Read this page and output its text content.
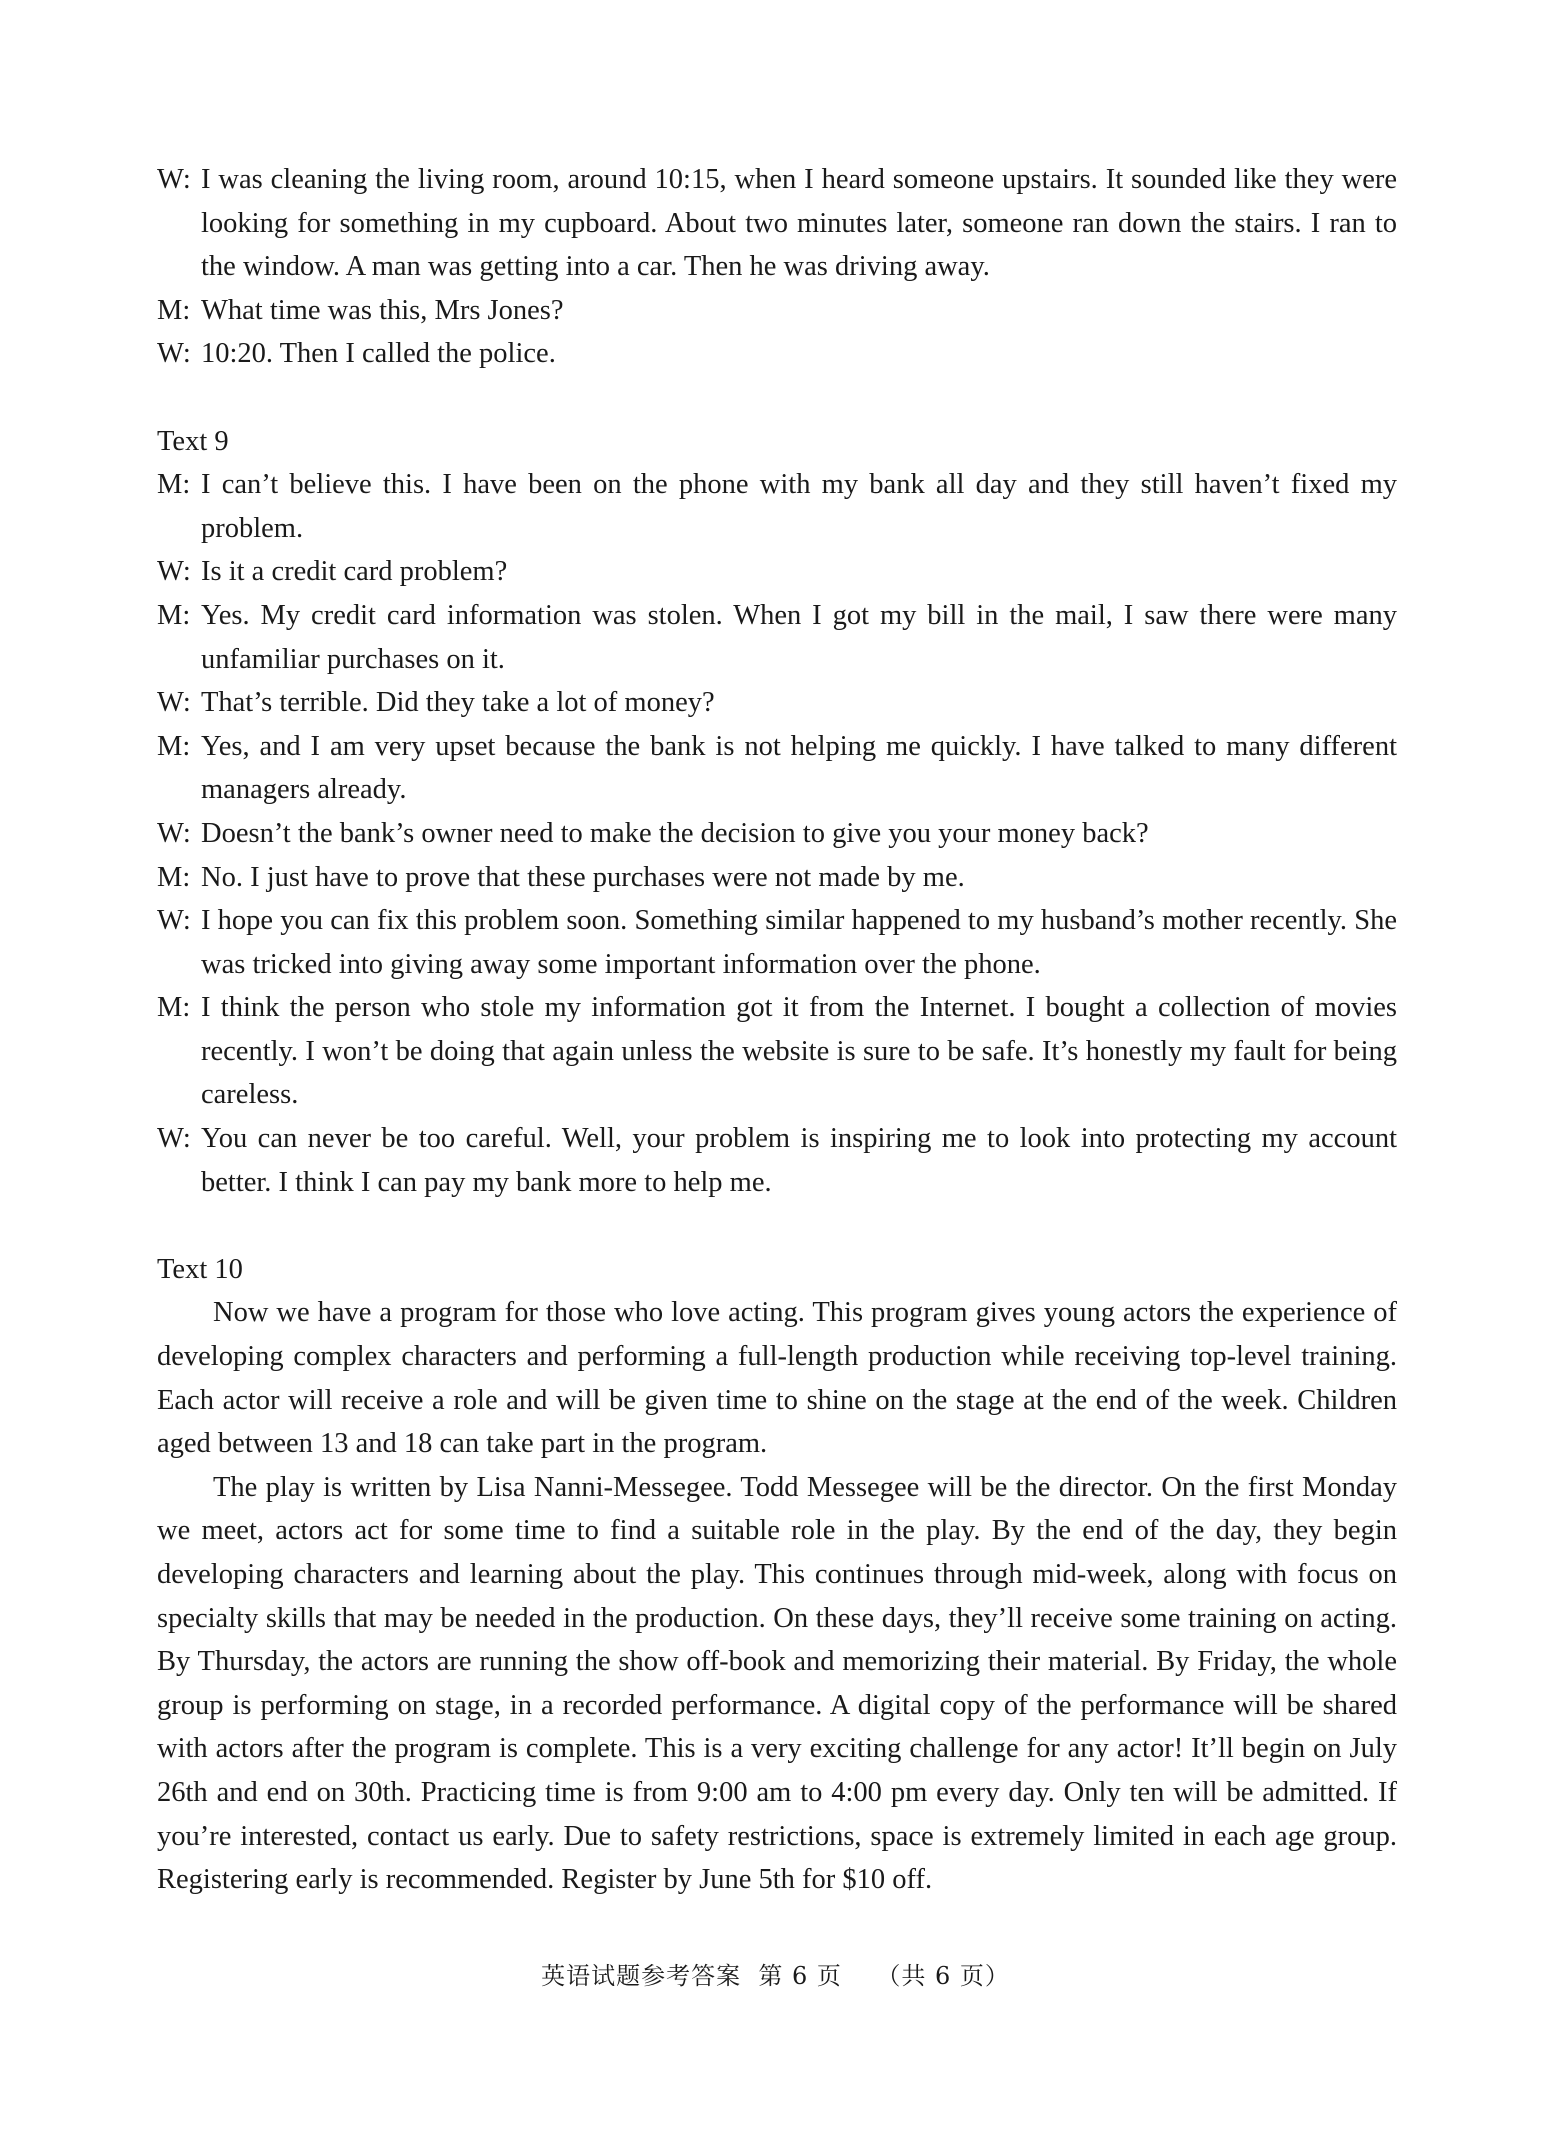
W: I was cleaning the living room, around 10:15, when I heard someone upstairs. It sounded like they were looking for something in my cupboard. About two minutes later, someone ran down the stairs. I ran to the window. A man was getting into a car. Then he was driving away.

M: What time was this, Mrs Jones?

W: 10:20. Then I called the police.

Text 9

M: I can’t believe this. I have been on the phone with my bank all day and they still haven’t fixed my problem.

W: Is it a credit card problem?

M: Yes. My credit card information was stolen. When I got my bill in the mail, I saw there were many unfamiliar purchases on it.

W: That’s terrible. Did they take a lot of money?

M: Yes, and I am very upset because the bank is not helping me quickly. I have talked to many different managers already.

W: Doesn’t the bank’s owner need to make the decision to give you your money back?

M: No. I just have to prove that these purchases were not made by me.

W: I hope you can fix this problem soon. Something similar happened to my husband’s mother recently. She was tricked into giving away some important information over the phone.

M: I think the person who stole my information got it from the Internet. I bought a collection of movies recently. I won’t be doing that again unless the website is sure to be safe. It’s honestly my fault for being careless.

W: You can never be too careful. Well, your problem is inspiring me to look into protecting my account better. I think I can pay my bank more to help me.

Text 10

Now we have a program for those who love acting. This program gives young actors the experience of developing complex characters and performing a full-length production while receiving top-level training. Each actor will receive a role and will be given time to shine on the stage at the end of the week. Children aged between 13 and 18 can take part in the program.

The play is written by Lisa Nanni-Messegee. Todd Messegee will be the director. On the first Monday we meet, actors act for some time to find a suitable role in the play. By the end of the day, they begin developing characters and learning about the play. This continues through mid-week, along with focus on specialty skills that may be needed in the production. On these days, they’ll receive some training on acting. By Thursday, the actors are running the show off-book and memorizing their material. By Friday, the whole group is performing on stage, in a recorded performance. A digital copy of the performance will be shared with actors after the program is complete. This is a very exciting challenge for any actor! It’ll begin on July 26th and end on 30th. Practicing time is from 9:00 am to 4:00 pm every day. Only ten will be admitted. If you’re interested, contact us early. Due to safety restrictions, space is extremely limited in each age group. Registering early is recommended. Register by June 5th for $10 off.

英语试题参考答案 第 6 页 （共 6 页）
